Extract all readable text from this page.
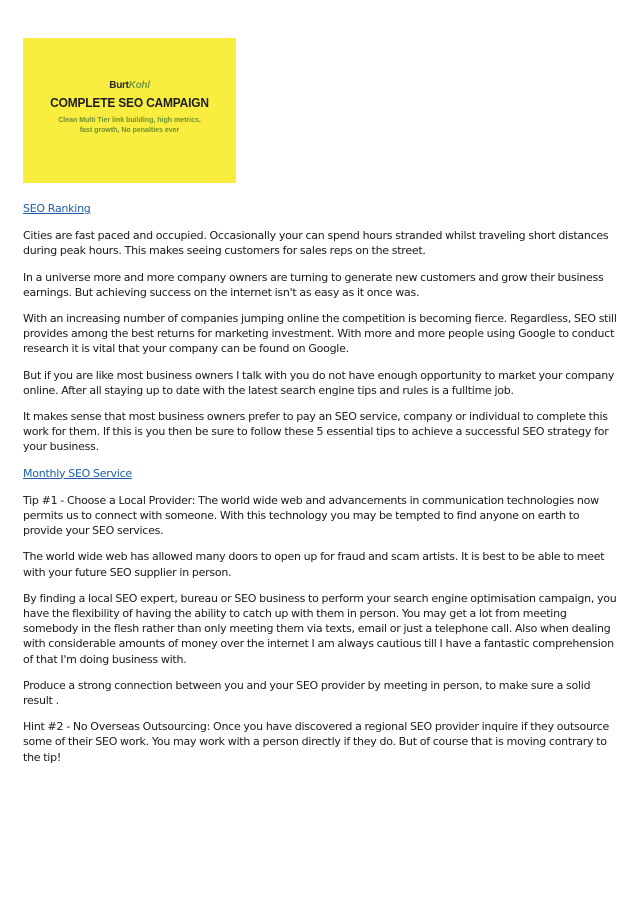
BurtKohl
COMPLETE SEO CAMPAIGN
Clean Multi Tier link building, high metrics, fast growth, No penalties ever

SEO Ranking

Cities are fast paced and occupied. Occasionally your can spend hours stranded whilst traveling short distances during peak hours. This makes seeing customers for sales reps on the street.

In a universe more and more company owners are turning to generate new customers and grow their business earnings. But achieving success on the internet isn't as easy as it once was.

With an increasing number of companies jumping online the competition is becoming fierce. Regardless, SEO still provides among the best returns for marketing investment. With more and more people using Google to conduct research it is vital that your company can be found on Google.

But if you are like most business owners I talk with you do not have enough opportunity to market your company online. After all staying up to date with the latest search engine tips and rules is a fulltime job.

It makes sense that most business owners prefer to pay an SEO service, company or individual to complete this work for them. If this is you then be sure to follow these 5 essential tips to achieve a successful SEO strategy for your business.

Monthly SEO Service

Tip #1 - Choose a Local Provider: The world wide web and advancements in communication technologies now permits us to connect with someone. With this technology you may be tempted to find anyone on earth to provide your SEO services.

The world wide web has allowed many doors to open up for fraud and scam artists. It is best to be able to meet with your future SEO supplier in person.

By finding a local SEO expert, bureau or SEO business to perform your search engine optimisation campaign, you have the flexibility of having the ability to catch up with them in person. You may get a lot from meeting somebody in the flesh rather than only meeting them via texts, email or just a telephone call. Also when dealing with considerable amounts of money over the internet I am always cautious till I have a fantastic comprehension of that I'm doing business with.

Produce a strong connection between you and your SEO provider by meeting in person, to make sure a solid result .

Hint #2 - No Overseas Outsourcing: Once you have discovered a regional SEO provider inquire if they outsource some of their SEO work. You may work with a person directly if they do. But of course that is moving contrary to the tip!
